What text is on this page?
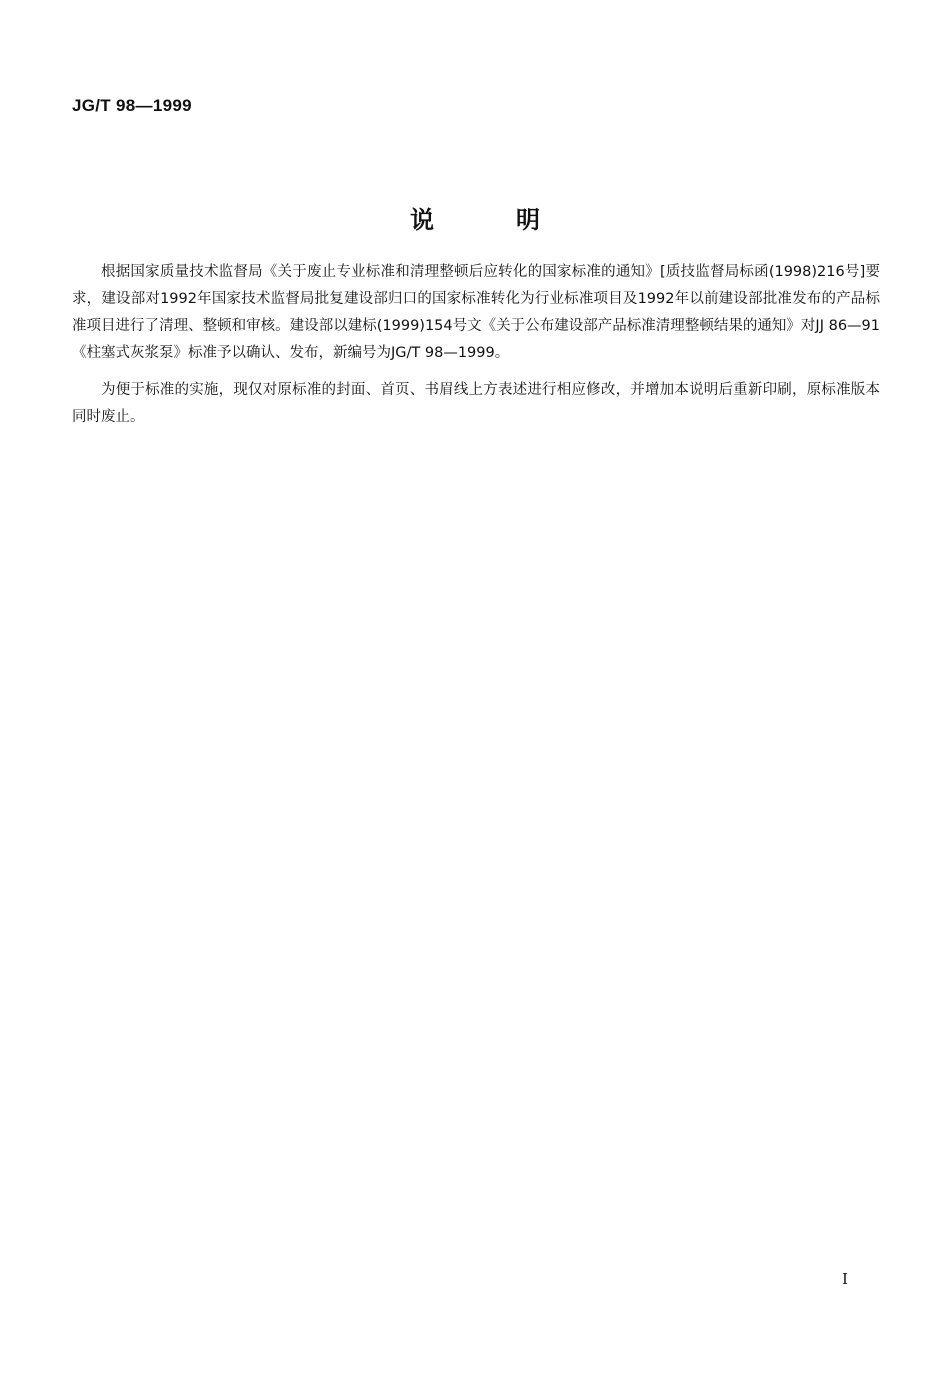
JG/T 98—1999
说	明

根据国家质量技术监督局《关于废止专业标准和清理整顿后应转化的国家标准的通知》[质技监督局标函(1998)216号]要求，建设部对1992年国家技术监督局批复建设部归口的国家标准转化为行业标准项目及1992年以前建设部批准发布的产品标准项目进行了清理、整顿和审核。建设部以建标(1999)154号文《关于公布建设部产品标准清理整顿结果的通知》对JJ 86—91《柱塞式灰浆泵》标准予以确认、发布，新编号为JG/T 98—1999。

为便于标准的实施，现仅对原标准的封面、首页、书眉线上方表述进行相应修改，并增加本说明后重新印刷，原标准版本同时废止。

I
